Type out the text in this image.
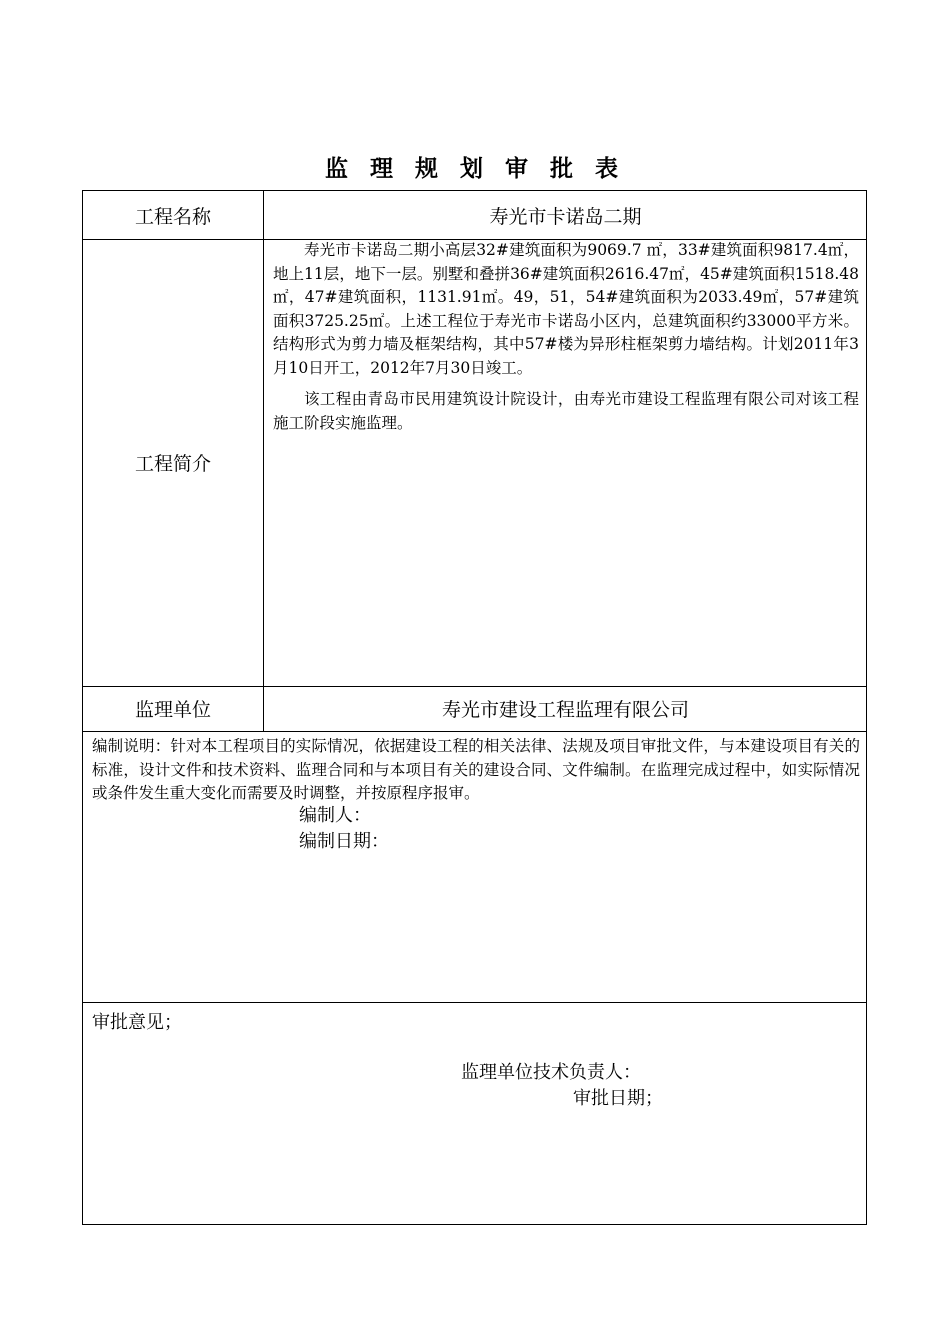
监 理 规 划 审 批 表
工程名称	寿光市卡诺岛二期
工程简介

寿光市卡诺岛二期小高层32#建筑面积为9069.7 ㎡，33#建筑面积9817.4㎡，地上11层，地下一层。别墅和叠拼36#建筑面积2616.47㎡，45#建筑面积1518.48㎡，47#建筑面积，1131.91㎡。49，51，54#建筑面积为2033.49㎡，57#建筑面积3725.25㎡。上述工程位于寿光市卡诺岛小区内，总建筑面积约33000平方米。结构形式为剪力墙及框架结构，其中57#楼为异形柱框架剪力墙结构。计划2011年3月10日开工，2012年7月30日竣工。

该工程由青岛市民用建筑设计院设计，由寿光市建设工程监理有限公司对该工程施工阶段实施监理。

监理单位	寿光市建设工程监理有限公司
编制说明：针对本工程项目的实际情况，依据建设工程的相关法律、法规及项目审批文件，与本建设项目有关的标准，设计文件和技术资料、监理合同和与本项目有关的建设合同、文件编制。在监理完成过程中，如实际情况或条件发生重大变化而需要及时调整，并按原程序报审。
编制人：
编制日期：
审批意见；
监理单位技术负责人：
审批日期；
